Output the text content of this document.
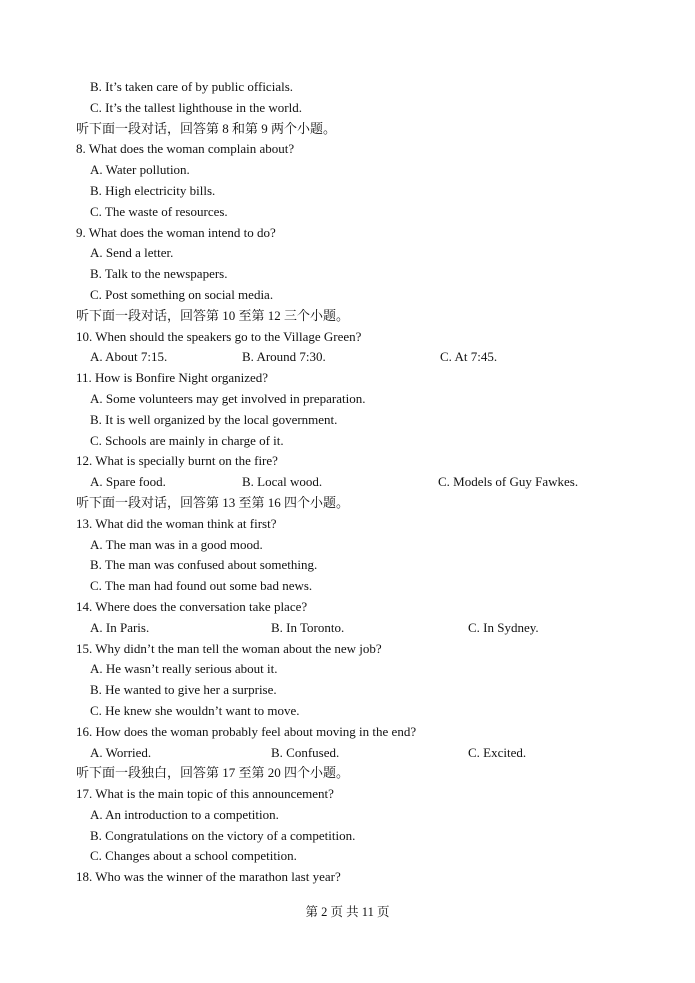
B. It’s taken care of by public officials.
C. It’s the tallest lighthouse in the world.
听下面一段对话，回答第 8 和第 9 两个小题。
8. What does the woman complain about?
A. Water pollution.
B. High electricity bills.
C. The waste of resources.
9. What does the woman intend to do?
A. Send a letter.
B. Talk to the newspapers.
C. Post something on social media.
听下面一段对话，回答第 10 至第 12 三个小题。
10. When should the speakers go to the Village Green?
A. About 7:15.	B. Around 7:30.	C. At 7:45.
11. How is Bonfire Night organized?
A. Some volunteers may get involved in preparation.
B. It is well organized by the local government.
C. Schools are mainly in charge of it.
12. What is specially burnt on the fire?
A. Spare food.	B. Local wood.	C. Models of Guy Fawkes.
听下面一段对话，回答第 13 至第 16 四个小题。
13. What did the woman think at first?
A. The man was in a good mood.
B. The man was confused about something.
C. The man had found out some bad news.
14. Where does the conversation take place?
A. In Paris.	B. In Toronto.	C. In Sydney.
15. Why didn’t the man tell the woman about the new job?
A. He wasn’t really serious about it.
B. He wanted to give her a surprise.
C. He knew she wouldn’t want to move.
16. How does the woman probably feel about moving in the end?
A. Worried.	B. Confused.	C. Excited.
听下面一段独白，回答第 17 至第 20 四个小题。
17. What is the main topic of this announcement?
A. An introduction to a competition.
B. Congratulations on the victory of a competition.
C. Changes about a school competition.
18. Who was the winner of the marathon last year?
第 2 页 共 11 页
